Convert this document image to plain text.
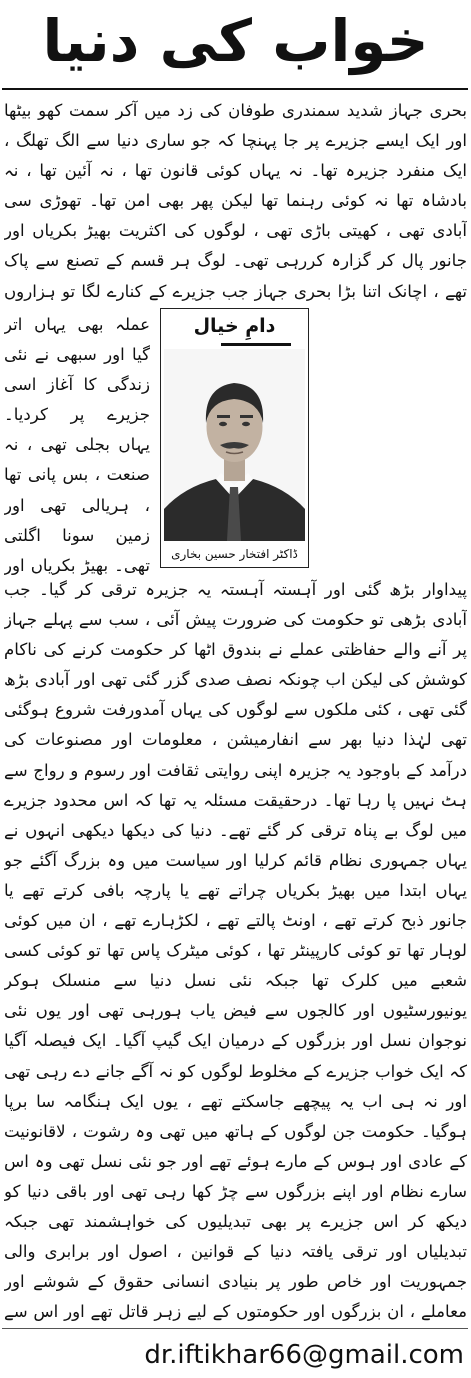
خواب کی دنیا

بحری جہاز شدید سمندری طوفان کی زد میں آکر سمت کھو بیٹھا اور ایک ایسے جزیرے پر جا پہنچا کہ جو ساری دنیا سے الگ تھلگ ، ایک منفرد جزیرہ تھا۔ نہ یہاں کوئی قانون تھا ، نہ آئین تھا ، نہ بادشاہ تھا نہ کوئی رہنما تھا لیکن پھر بھی امن تھا۔ تھوڑی سی آبادی تھی ، کھیتی باڑی تھی ، لوگوں کی اکثریت بھیڑ بکریاں اور جانور پال کر گزارہ کررہی تھی۔ لوگ ہر قسم کے تصنع سے پاک تھے ، اچانک اتنا بڑا بحری جہاز جب جزیرے کے کنارے لگا تو ہزاروں

دامِ خیال
ڈاکٹر افتخار حسین بخاری

عملہ بھی یہاں اتر گیا اور سبھی نے نئی زندگی کا آغاز اسی جزیرے پر کردیا۔ یہاں بجلی تھی ، نہ صنعت ، بس پانی تھا ، ہریالی تھی اور زمین سونا اگلتی تھی۔ بھیڑ بکریاں اور

پیداوار بڑھ گئی اور آہستہ آہستہ یہ جزیرہ ترقی کر گیا۔ جب آبادی بڑھی تو حکومت کی ضرورت پیش آئی ، سب سے پہلے جہاز پر آنے والے حفاظتی عملے نے بندوق اٹھا کر حکومت کرنے کی ناکام کوشش کی لیکن اب چونکہ نصف صدی گزر گئی تھی اور آبادی بڑھ گئی تھی ، کئی ملکوں سے لوگوں کی یہاں آمدورفت شروع ہوگئی تھی لہٰذا دنیا بھر سے انفارمیشن ، معلومات اور مصنوعات کی درآمد کے باوجود یہ جزیرہ اپنی روایتی ثقافت اور رسوم و رواج سے ہٹ نہیں پا رہا تھا۔ درحقیقت مسئلہ یہ تھا کہ اس محدود جزیرے میں لوگ بے پناہ ترقی کر گئے تھے۔ دنیا کی دیکھا دیکھی انہوں نے یہاں جمہوری نظام قائم کرلیا اور سیاست میں وہ بزرگ آگئے جو یہاں ابتدا میں بھیڑ بکریاں چراتے تھے یا پارچہ بافی کرتے تھے یا جانور ذبح کرتے تھے ، اونٹ پالتے تھے ، لکڑہارے تھے ، ان میں کوئی لوہار تھا تو کوئی کارپینٹر تھا ، کوئی میٹرک پاس تھا تو کوئی کسی شعبے میں کلرک تھا جبکہ نئی نسل دنیا سے منسلک ہوکر یونیورسٹیوں اور کالجوں سے فیض یاب ہورہی تھی اور یوں نئی نوجوان نسل اور بزرگوں کے درمیان ایک گیپ آگیا۔ ایک فیصلہ آگیا کہ ایک خواب جزیرے کے مخلوط لوگوں کو نہ آگے جانے دے رہی تھی اور نہ ہی اب یہ پیچھے جاسکتے تھے ، یوں ایک ہنگامہ سا برپا ہوگیا۔ حکومت جن لوگوں کے ہاتھ میں تھی وہ رشوت ، لاقانونیت کے عادی اور ہوس کے مارے ہوئے تھے اور جو نئی نسل تھی وہ اس سارے نظام اور اپنے بزرگوں سے چڑ کھا رہی تھی اور باقی دنیا کو دیکھ کر اس جزیرے پر بھی تبدیلیوں کی خواہشمند تھی جبکہ تبدیلیاں اور ترقی یافتہ دنیا کے قوانین ، اصول اور برابری والی جمہوریت اور خاص طور پر بنیادی انسانی حقوق کے شوشے اور معاملے ، ان بزرگوں اور حکومتوں کے لیے زہر قاتل تھے اور اس سے

dr.iftikhar66@gmail.com
